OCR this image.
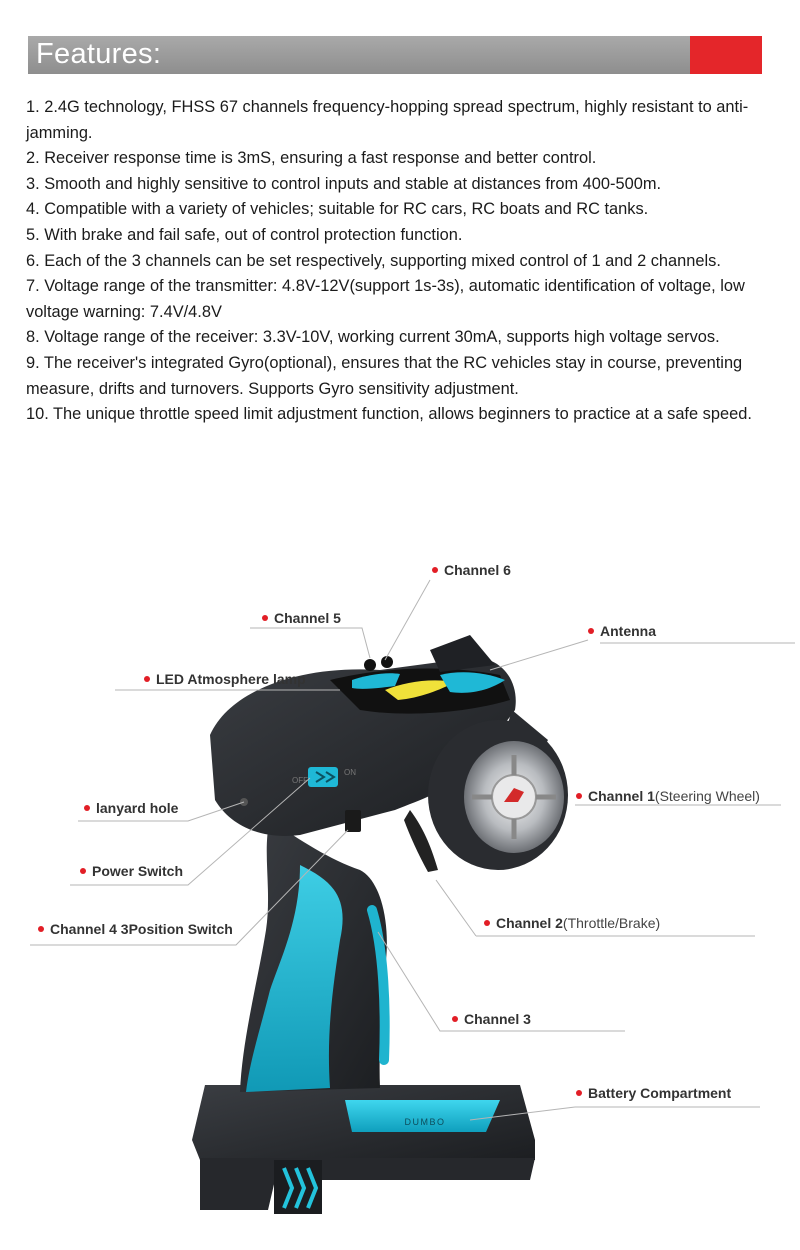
Features:
1. 2.4G technology, FHSS 67 channels frequency-hopping spread spectrum, highly resistant to anti-jamming.
2. Receiver response time is 3mS, ensuring a fast response and better control.
3. Smooth and highly sensitive to control inputs and stable at distances from 400-500m.
4. Compatible with a variety of vehicles; suitable for RC cars, RC boats and RC tanks.
5. With brake and fail safe, out of control protection function.
6. Each of the 3 channels can be set respectively, supporting mixed control of 1 and 2 channels.
7. Voltage range of the transmitter: 4.8V-12V(support 1s-3s), automatic identification of voltage, low voltage warning: 7.4V/4.8V
8. Voltage range of the receiver: 3.3V-10V, working current 30mA, supports high voltage servos.
9. The receiver's integrated Gyro(optional), ensures that the RC vehicles stay in course, preventing measure, drifts and turnovers. Supports Gyro sensitivity adjustment.
10. The unique throttle speed limit adjustment function, allows beginners to practice at a safe speed.
DUMBO
OFF
ON
Channel 6
Channel 5
Antenna
LED Atmosphere lamp
lanyard hole
Channel 1(Steering Wheel)
Power Switch
Channel 4 3Position Switch	Channel 2(Throttle/Brake)
Channel 3
Battery Compartment
